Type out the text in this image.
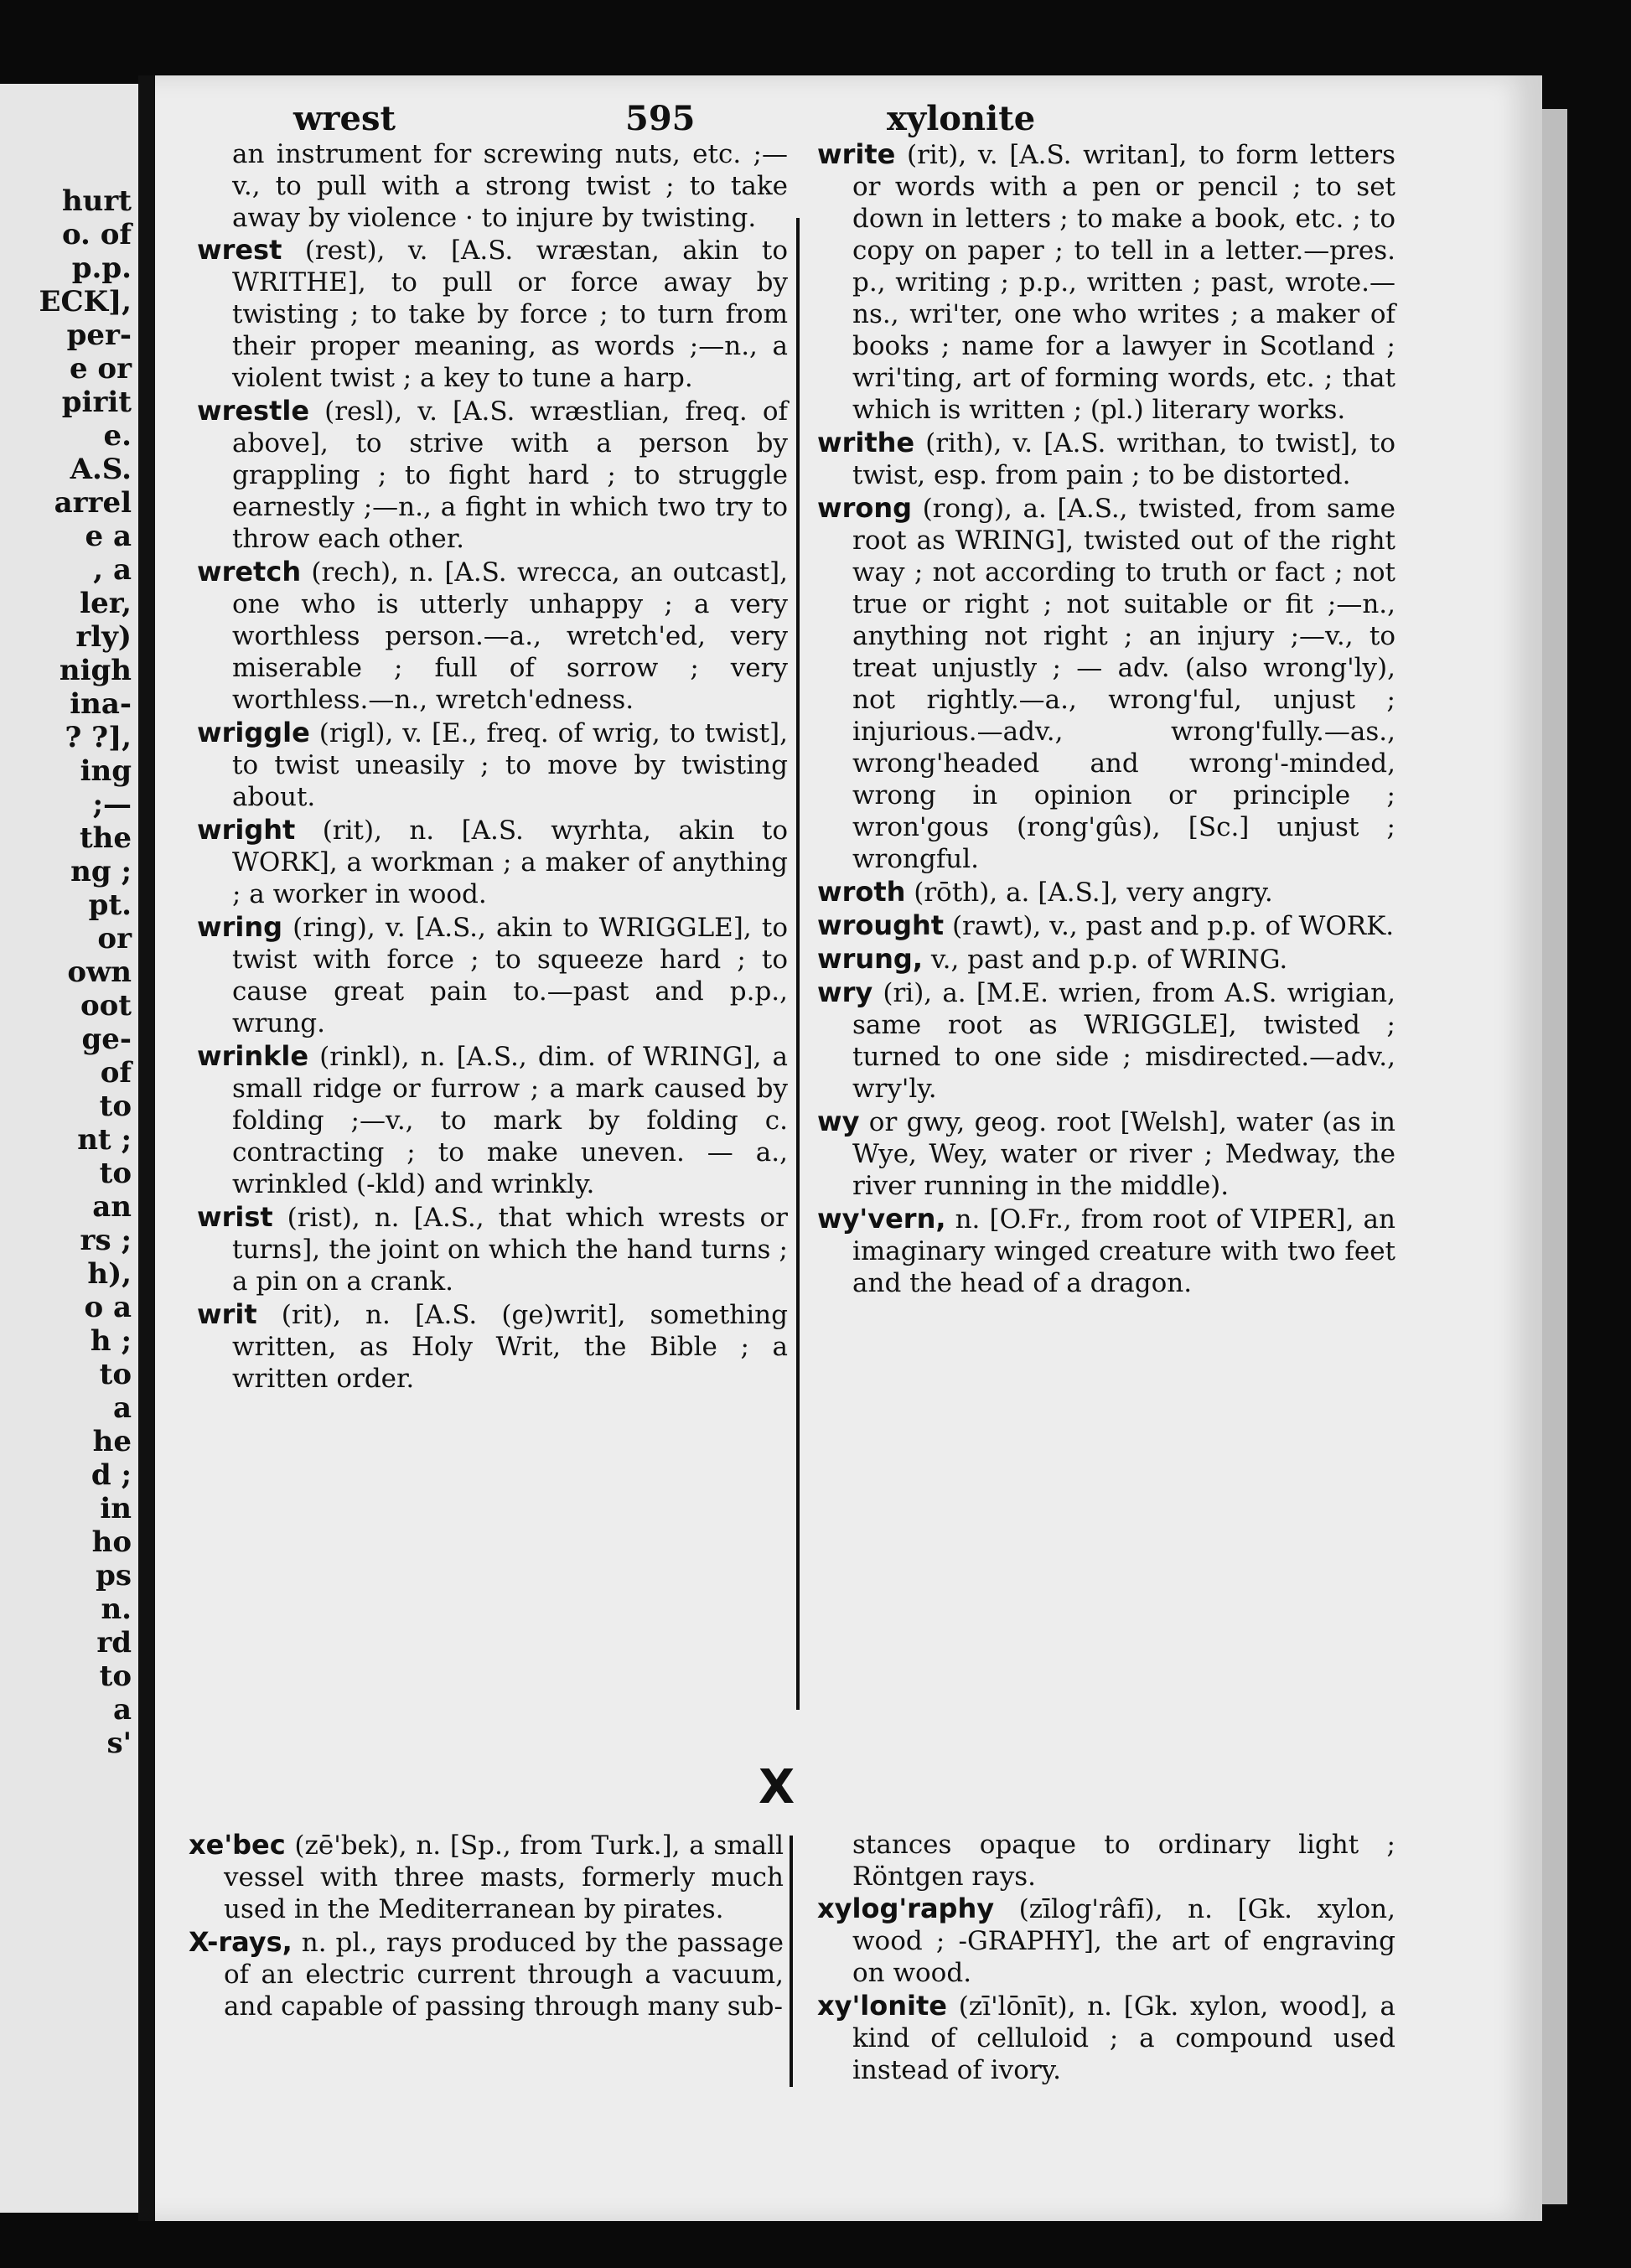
hurt
o. of
p.p.
ECK],
per-
e or
pirit
e.
A.S.
arrel
e a
, a
ler,
rly)
nigh
ina-
? ?],
ing
;—
the
ng ;
pt.
or
own
oot
ge-
of
to
nt ;
to
an
rs ;
h),
o a
h ;
to
a
he
d ;
in
ho
ps
n.
rd
to
a
s'
wrest	595	xylonite

an instrument for screwing nuts, etc. ;—v., to pull with a strong twist ; to take away by violence · to injure by twisting.

wrest (rest), v. [A.S. wræstan, akin to WRITHE], to pull or force away by twisting ; to take by force ; to turn from their proper meaning, as words ;—n., a violent twist ; a key to tune a harp.

wrestle (resl), v. [A.S. wræstlian, freq. of above], to strive with a person by grappling ; to fight hard ; to struggle earnestly ;—n., a fight in which two try to throw each other.

wretch (rech), n. [A.S. wrecca, an outcast], one who is utterly unhappy ; a very worthless person.—a., wretch'ed, very miserable ; full of sorrow ; very worthless.—n., wretch'edness.

wriggle (rigl), v. [E., freq. of wrig, to twist], to twist uneasily ; to move by twisting about.

wright (rit), n. [A.S. wyrhta, akin to WORK], a workman ; a maker of anything ; a worker in wood.

wring (ring), v. [A.S., akin to WRIGGLE], to twist with force ; to squeeze hard ; to cause great pain to.—past and p.p., wrung.

wrinkle (rinkl), n. [A.S., dim. of WRING], a small ridge or furrow ; a mark caused by folding ;—v., to mark by folding c. contracting ; to make uneven. — a., wrinkled (-kld) and wrinkly.

wrist (rist), n. [A.S., that which wrests or turns], the joint on which the hand turns ; a pin on a crank.

writ (rit), n. [A.S. (ge)writ], something written, as Holy Writ, the Bible ; a written order.

write (rit), v. [A.S. writan], to form letters or words with a pen or pencil ; to set down in letters ; to make a book, etc. ; to copy on paper ; to tell in a letter.—pres. p., writing ; p.p., written ; past, wrote.—ns., wri'ter, one who writes ; a maker of books ; name for a lawyer in Scotland ; wri'ting, art of forming words, etc. ; that which is written ; (pl.) literary works.

writhe (rith), v. [A.S. writhan, to twist], to twist, esp. from pain ; to be distorted.

wrong (rong), a. [A.S., twisted, from same root as WRING], twisted out of the right way ; not according to truth or fact ; not true or right ; not suitable or fit ;—n., anything not right ; an injury ;—v., to treat unjustly ; — adv. (also wrong'ly), not rightly.—a., wrong'ful, unjust ; injurious.—adv., wrong'fully.—as., wrong'headed and wrong'-minded, wrong in opinion or principle ; wron'gous (rong'gûs), [Sc.] unjust ; wrongful.

wroth (rōth), a. [A.S.], very angry.

wrought (rawt), v., past and p.p. of WORK.

wrung, v., past and p.p. of WRING.

wry (ri), a. [M.E. wrien, from A.S. wrigian, same root as WRIGGLE], twisted ; turned to one side ; misdirected.—adv., wry'ly.

wy or gwy, geog. root [Welsh], water (as in Wye, Wey, water or river ; Medway, the river running in the middle).

wy'vern, n. [O.Fr., from root of VIPER], an imaginary winged creature with two feet and the head of a dragon.

X

xe'bec (zē'bek), n. [Sp., from Turk.], a small vessel with three masts, formerly much used in the Mediterranean by pirates.

X-rays, n. pl., rays produced by the passage of an electric current through a vacuum, and capable of passing through many sub-

stances opaque to ordinary light ; Röntgen rays.

xylog'raphy (zīlog'râfī), n. [Gk. xylon, wood ; -GRAPHY], the art of engraving on wood.

xy'lonite (zī'lōnīt), n. [Gk. xylon, wood], a kind of celluloid ; a compound used instead of ivory.
